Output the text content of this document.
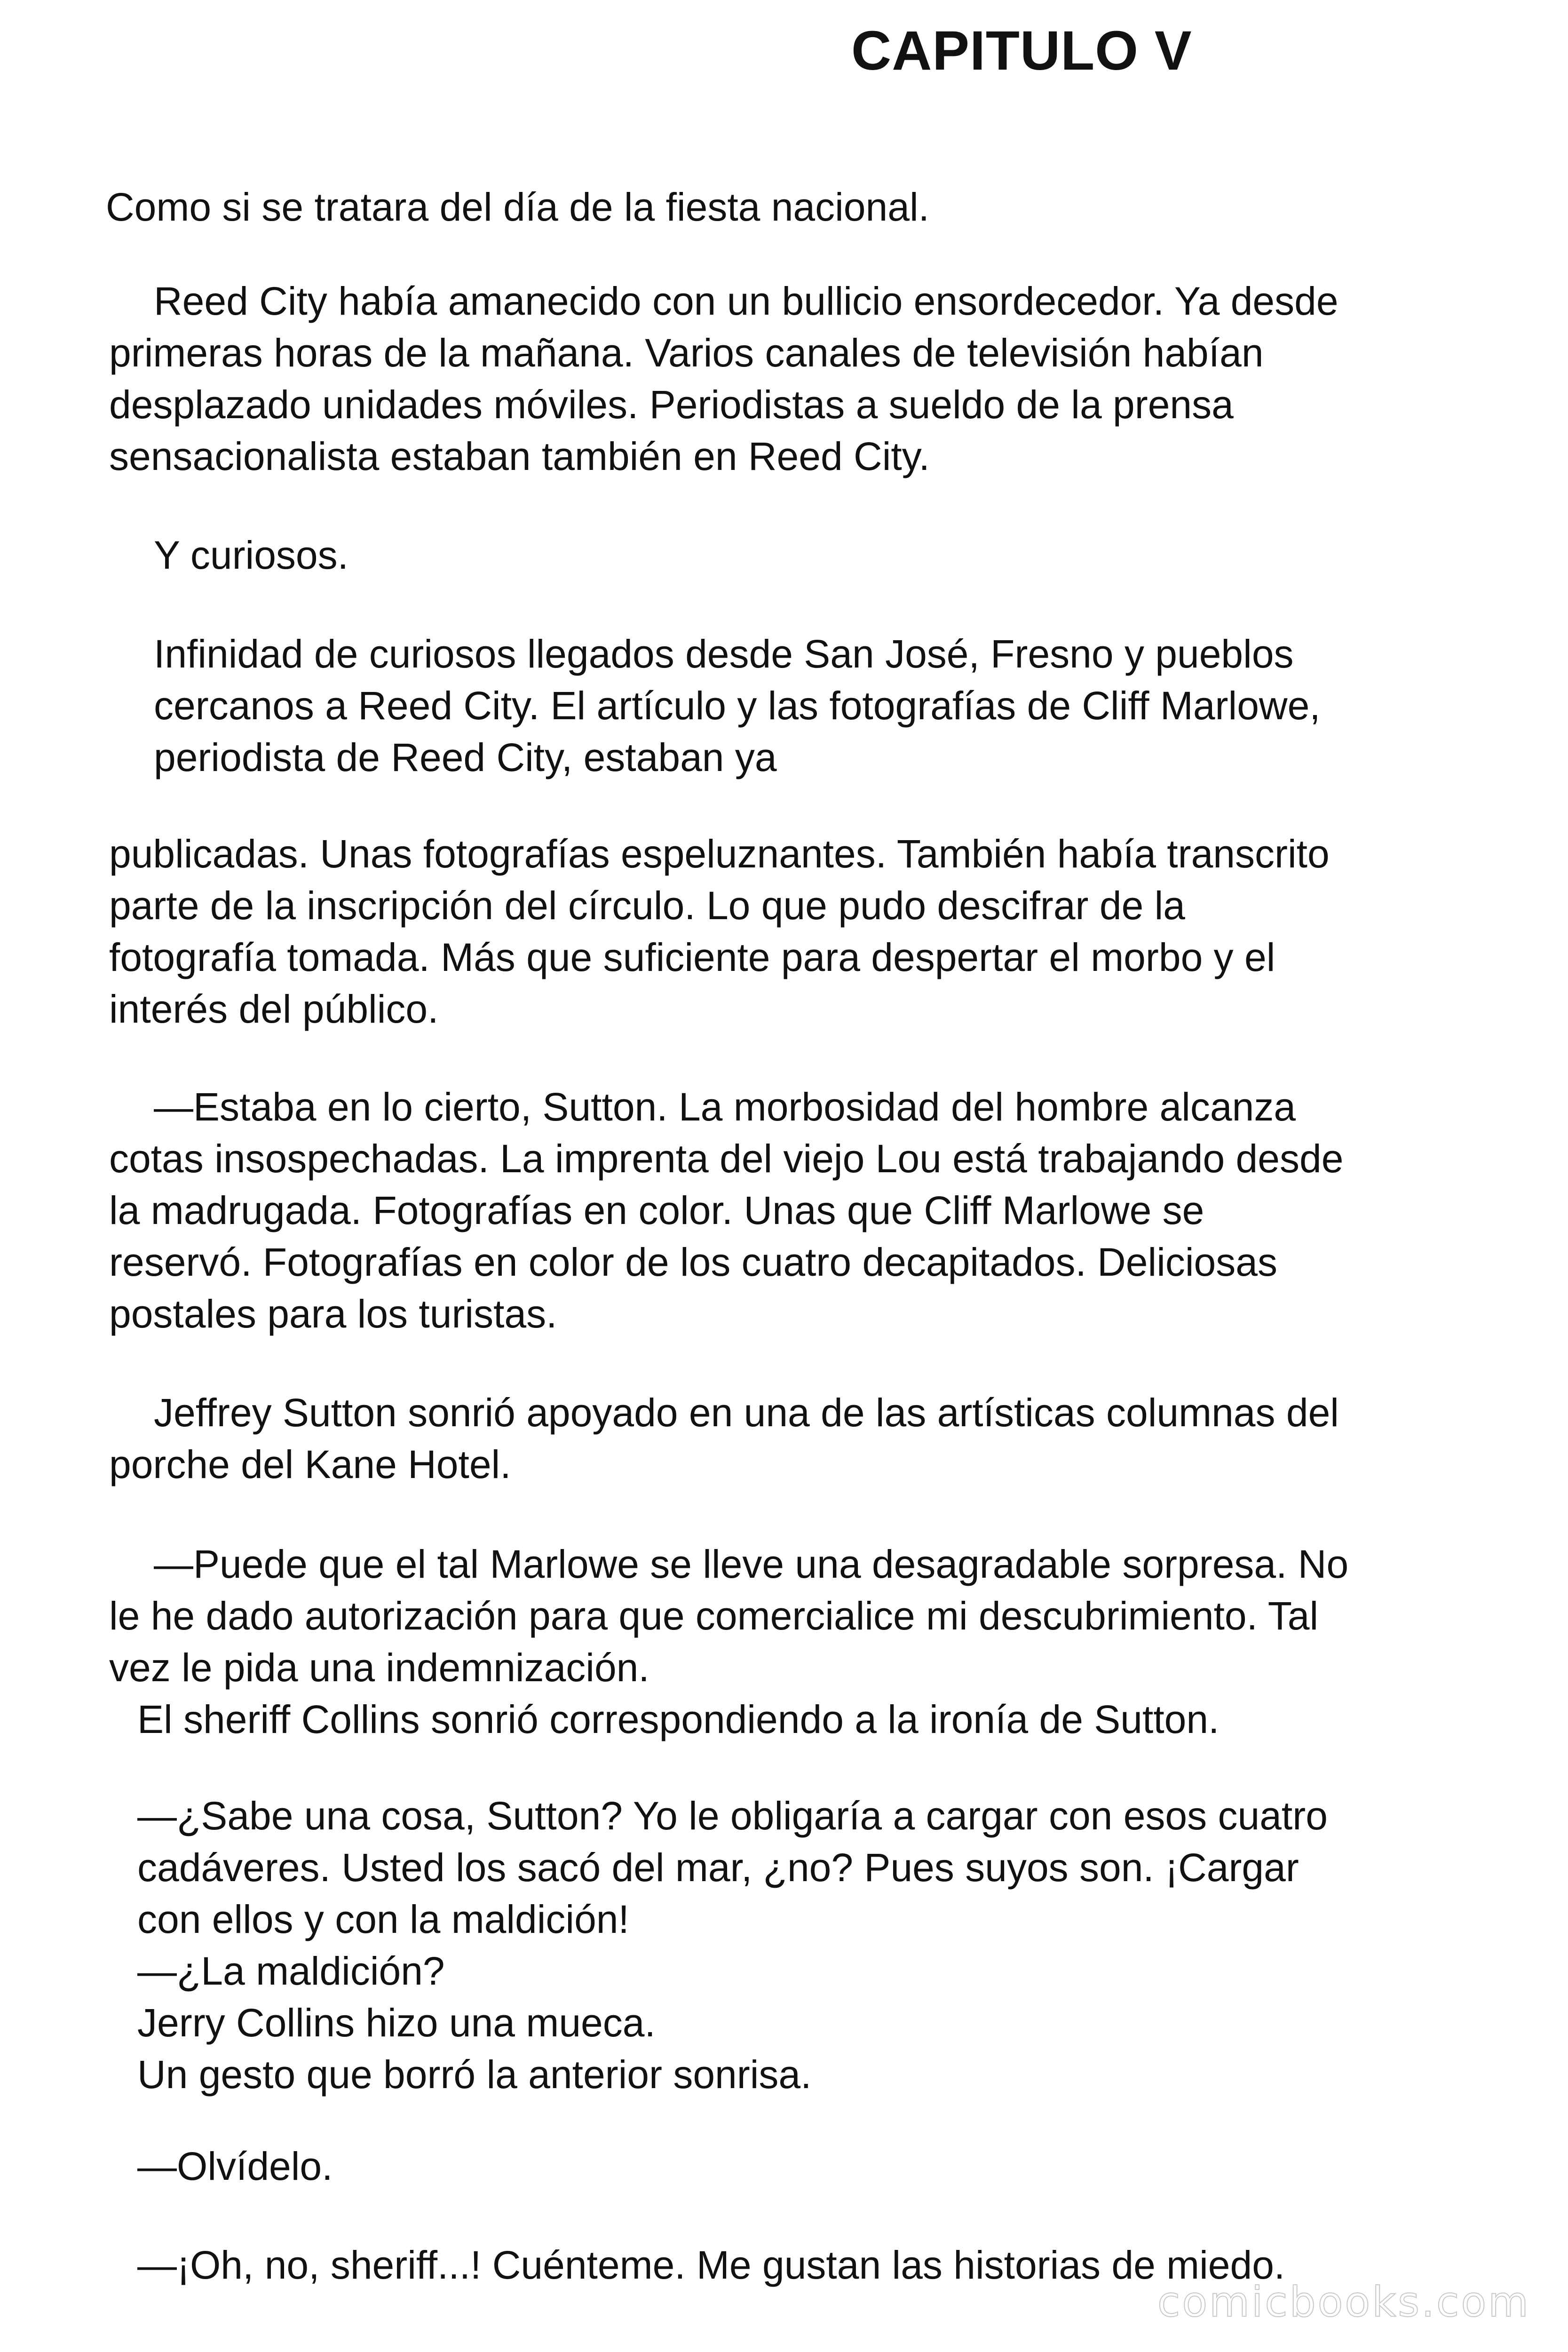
CAPITULO V
Como si se tratara del día de la fiesta nacional.
Reed City había amanecido con un bullicio ensordecedor. Ya desde
primeras horas de la mañana. Varios canales de televisión habían
desplazado unidades móviles. Periodistas a sueldo de la prensa
sensacionalista estaban también en Reed City.
Y curiosos.
Infinidad de curiosos llegados desde San José, Fresno y pueblos
cercanos a Reed City. El artículo y las fotografías de Cliff Marlowe,
periodista de Reed City, estaban ya
publicadas. Unas fotografías espeluznantes. También había transcrito
parte de la inscripción del círculo. Lo que pudo descifrar de la
fotografía tomada. Más que suficiente para despertar el morbo y el
interés del público.
—Estaba en lo cierto, Sutton. La morbosidad del hombre alcanza
cotas insospechadas. La imprenta del viejo Lou está trabajando desde
la madrugada. Fotografías en color. Unas que Cliff Marlowe se
reservó. Fotografías en color de los cuatro decapitados. Deliciosas
postales para los turistas.
Jeffrey Sutton sonrió apoyado en una de las artísticas columnas del
porche del Kane Hotel.
—Puede que el tal Marlowe se lleve una desagradable sorpresa. No
le he dado autorización para que comercialice mi descubrimiento. Tal
vez le pida una indemnización.
El sheriff Collins sonrió correspondiendo a la ironía de Sutton.
—¿Sabe una cosa, Sutton? Yo le obligaría a cargar con esos cuatro
cadáveres. Usted los sacó del mar, ¿no? Pues suyos son. ¡Cargar
con ellos y con la maldición!
—¿La maldición?
Jerry Collins hizo una mueca.
Un gesto que borró la anterior sonrisa.
—Olvídelo.
—¡Oh, no, sheriff...! Cuénteme. Me gustan las historias de miedo.
comicbooks.com
